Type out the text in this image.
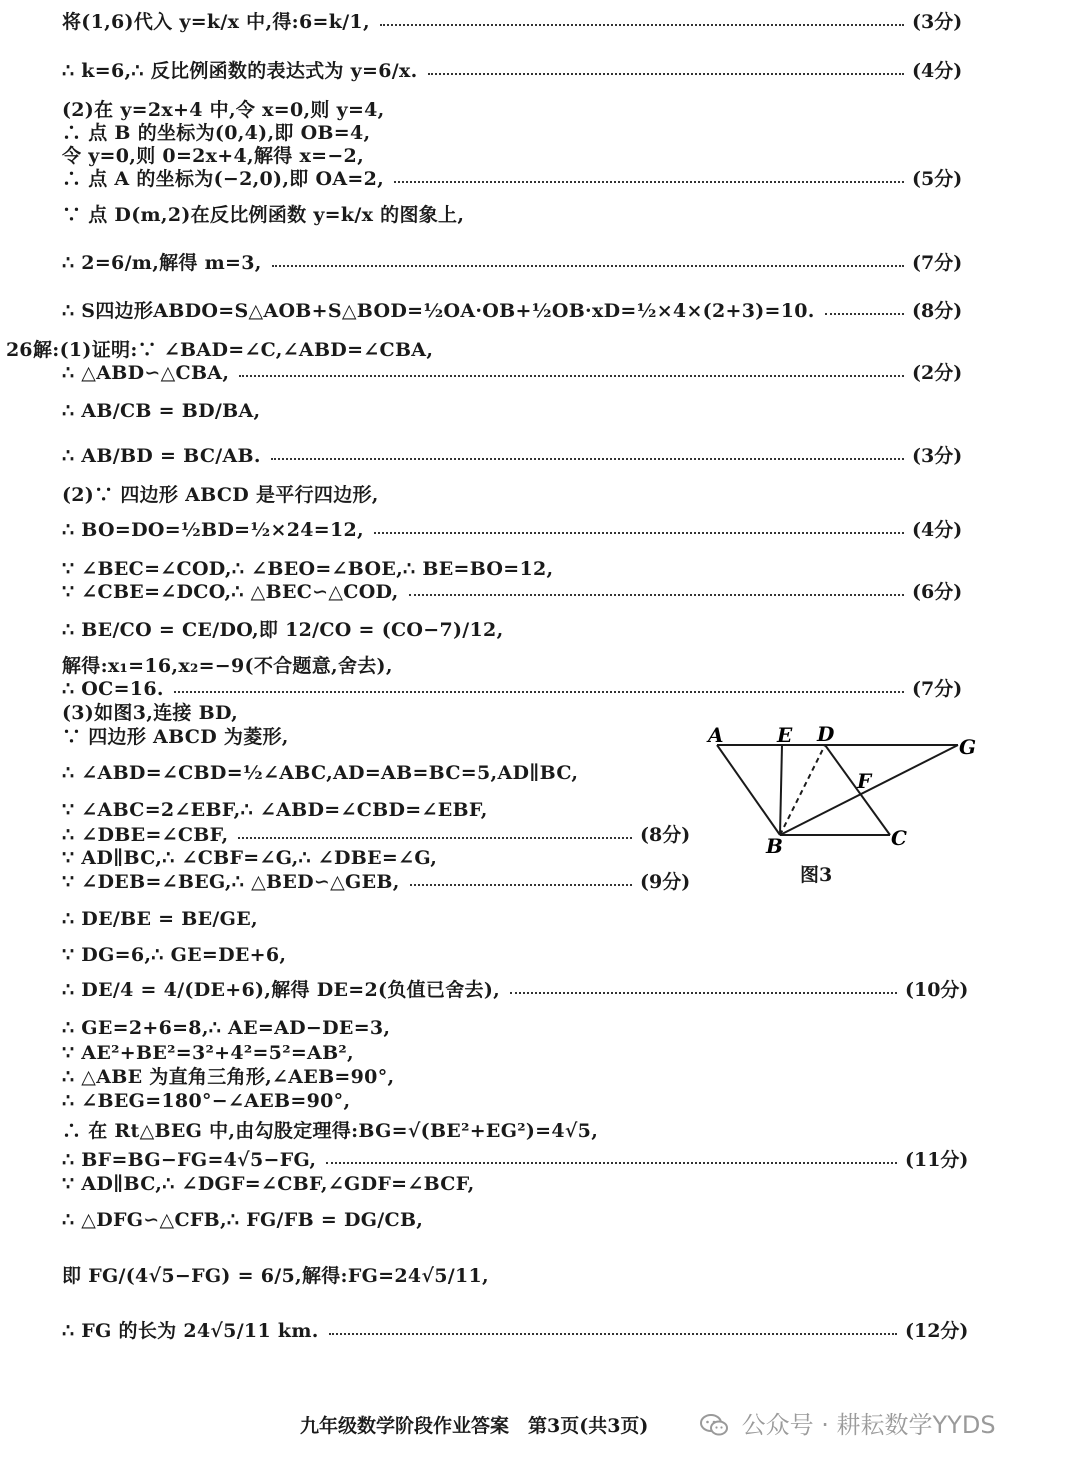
将(1,6)代入 y=k/x 中,得:6=k/1,	(3分)
∴ k=6,∴ 反比例函数的表达式为 y=6/x.	(4分)
(2)在 y=2x+4 中,令 x=0,则 y=4,
∴ 点 B 的坐标为(0,4),即 OB=4,
令 y=0,则 0=2x+4,解得 x=−2,
∴ 点 A 的坐标为(−2,0),即 OA=2,	(5分)
∵ 点 D(m,2)在反比例函数 y=k/x 的图象上,
∴ 2=6/m,解得 m=3,	(7分)
∴ S四边形ABDO=S△AOB+S△BOD=½OA·OB+½OB·xD=½×4×(2+3)=10.	(8分)
26.
解:(1)证明:∵ ∠BAD=∠C,∠ABD=∠CBA,
∴ △ABD∽△CBA,	(2分)
∴ AB/CB = BD/BA,
∴ AB/BD = BC/AB.	(3分)
(2)∵ 四边形 ABCD 是平行四边形,
∴ BO=DO=½BD=½×24=12,	(4分)
∵ ∠BEC=∠COD,∴ ∠BEO=∠BOE,∴ BE=BO=12,
∵ ∠CBE=∠DCO,∴ △BEC∽△COD,	(6分)
∴ BE/CO = CE/DO,即 12/CO = (CO−7)/12,
解得:x₁=16,x₂=−9(不合题意,舍去),
∴ OC=16.	(7分)
(3)如图3,连接 BD,
∵ 四边形 ABCD 为菱形,
∴ ∠ABD=∠CBD=½∠ABC,AD=AB=BC=5,AD∥BC,
∵ ∠ABC=2∠EBF,∴ ∠ABD=∠CBD=∠EBF,
∴ ∠DBE=∠CBF,	(8分)
∵ AD∥BC,∴ ∠CBF=∠G,∴ ∠DBE=∠G,
∵ ∠DEB=∠BEG,∴ △BED∽△GEB,	(9分)
∴ DE/BE = BE/GE,
∵ DG=6,∴ GE=DE+6,
∴ DE/4 = 4/(DE+6),解得 DE=2(负值已舍去),	(10分)
∴ GE=2+6=8,∴ AE=AD−DE=3,
∵ AE²+BE²=3²+4²=5²=AB²,
∴ △ABE 为直角三角形,∠AEB=90°,
∴ ∠BEG=180°−∠AEB=90°,
∴ 在 Rt△BEG 中,由勾股定理得:BG=√(BE²+EG²)=4√5,
∴ BF=BG−FG=4√5−FG,	(11分)
∵ AD∥BC,∴ ∠DGF=∠CBF,∠GDF=∠BCF,
∴ △DFG∽△CFB,∴ FG/FB = DG/CB,
即 FG/(4√5−FG) = 6/5,解得:FG=24√5/11,
∴ FG 的长为 24√5/11 km.	(12分)
A	E D
G
F
B	C
图3
九年级数学阶段作业答案　第3页(共3页)	公众号 · 耕耘数学YYDS
